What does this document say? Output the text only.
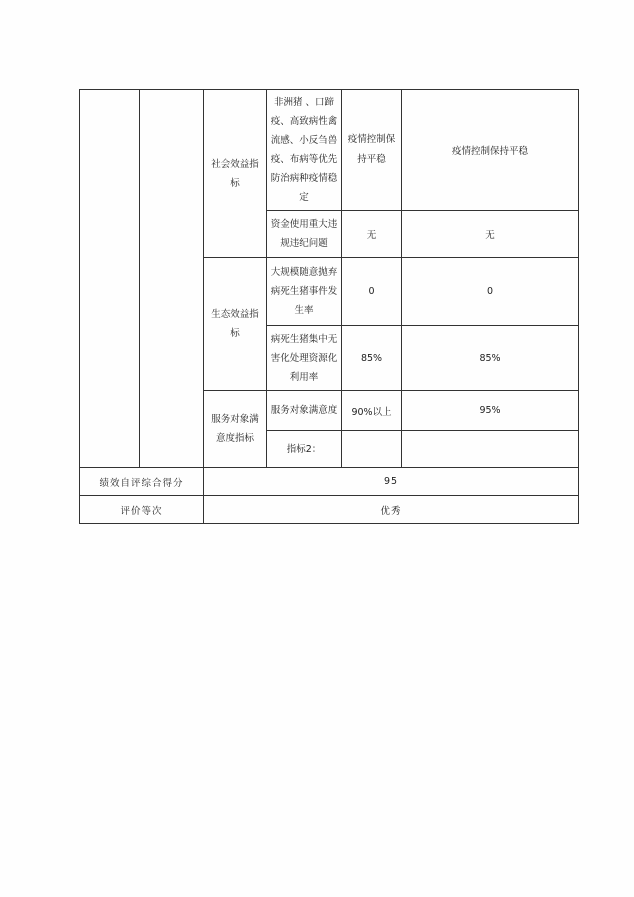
		社会效益指标	非洲猪 、口蹄疫、高致病性禽流感、小反刍兽疫、布病等优先防治病种疫情稳定	疫情控制保持平稳	疫情控制保持平稳
			资金使用重大违规违纪问题	无	无
		生态效益指标	大规模随意抛弃病死生猪事件发生率	0	0
			病死生猪集中无害化处理资源化利用率	85%	85%
		服务对象满意度指标	服务对象满意度	90%以上	95%
			指标2：		
绩效自评综合得分		95			
评价等次		优秀			
